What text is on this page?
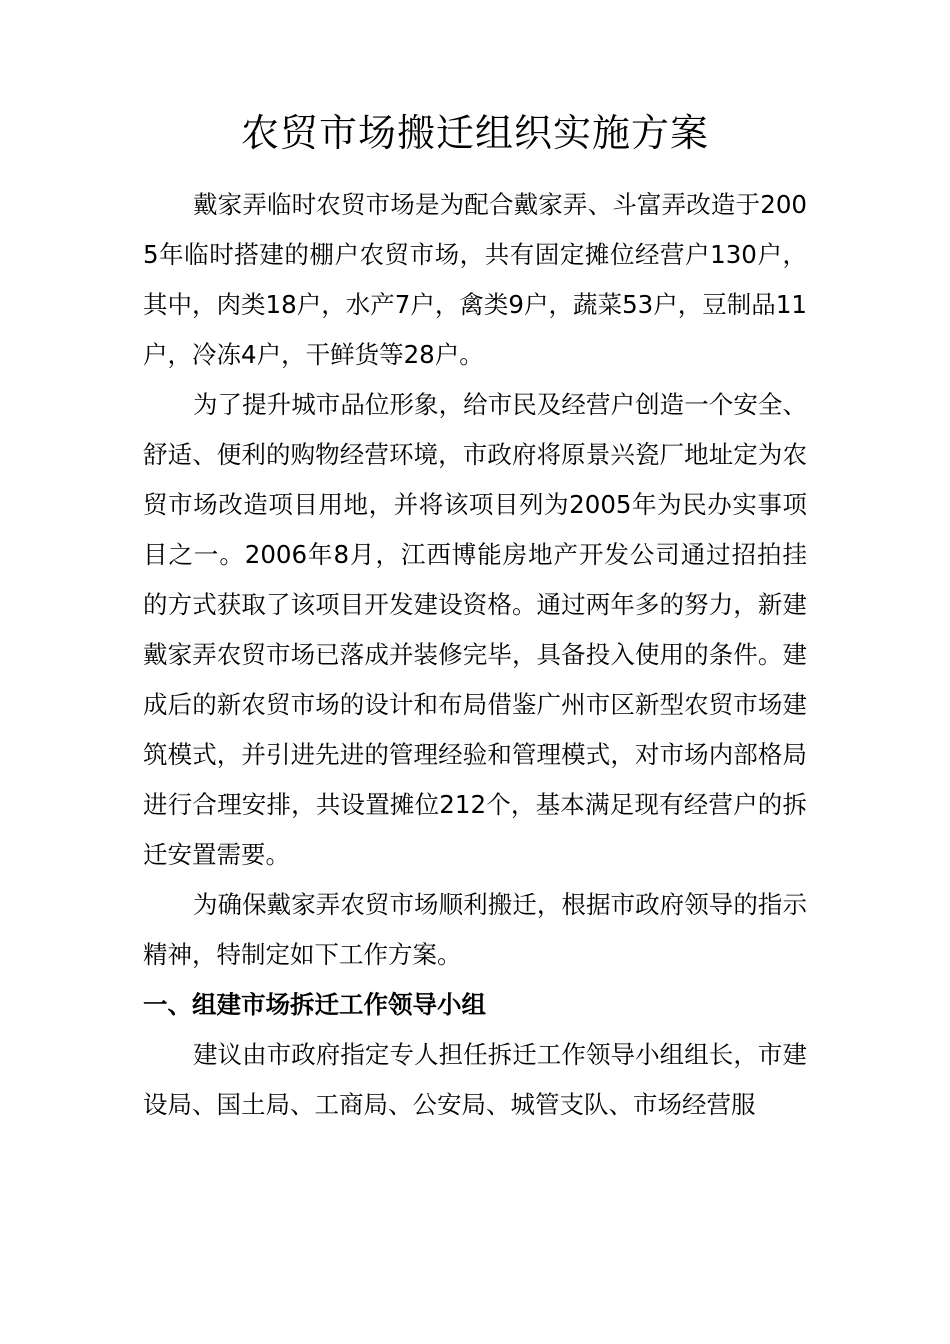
农贸市场搬迁组织实施方案

戴家弄临时农贸市场是为配合戴家弄、斗富弄改造于2005年临时搭建的棚户农贸市场，共有固定摊位经营户130户，其中，肉类18户，水产7户，禽类9户，蔬菜53户，豆制品11户，冷冻4户，干鲜货等28户。

为了提升城市品位形象，给市民及经营户创造一个安全、舒适、便利的购物经营环境，市政府将原景兴瓷厂地址定为农贸市场改造项目用地，并将该项目列为2005年为民办实事项目之一。2006年8月，江西博能房地产开发公司通过招拍挂的方式获取了该项目开发建设资格。通过两年多的努力，新建戴家弄农贸市场已落成并装修完毕，具备投入使用的条件。建成后的新农贸市场的设计和布局借鉴广州市区新型农贸市场建筑模式，并引进先进的管理经验和管理模式，对市场内部格局进行合理安排，共设置摊位212个，基本满足现有经营户的拆迁安置需要。

为确保戴家弄农贸市场顺利搬迁，根据市政府领导的指示精神，特制定如下工作方案。

一、组建市场拆迁工作领导小组

建议由市政府指定专人担任拆迁工作领导小组组长，市建设局、国土局、工商局、公安局、城管支队、市场经营服
